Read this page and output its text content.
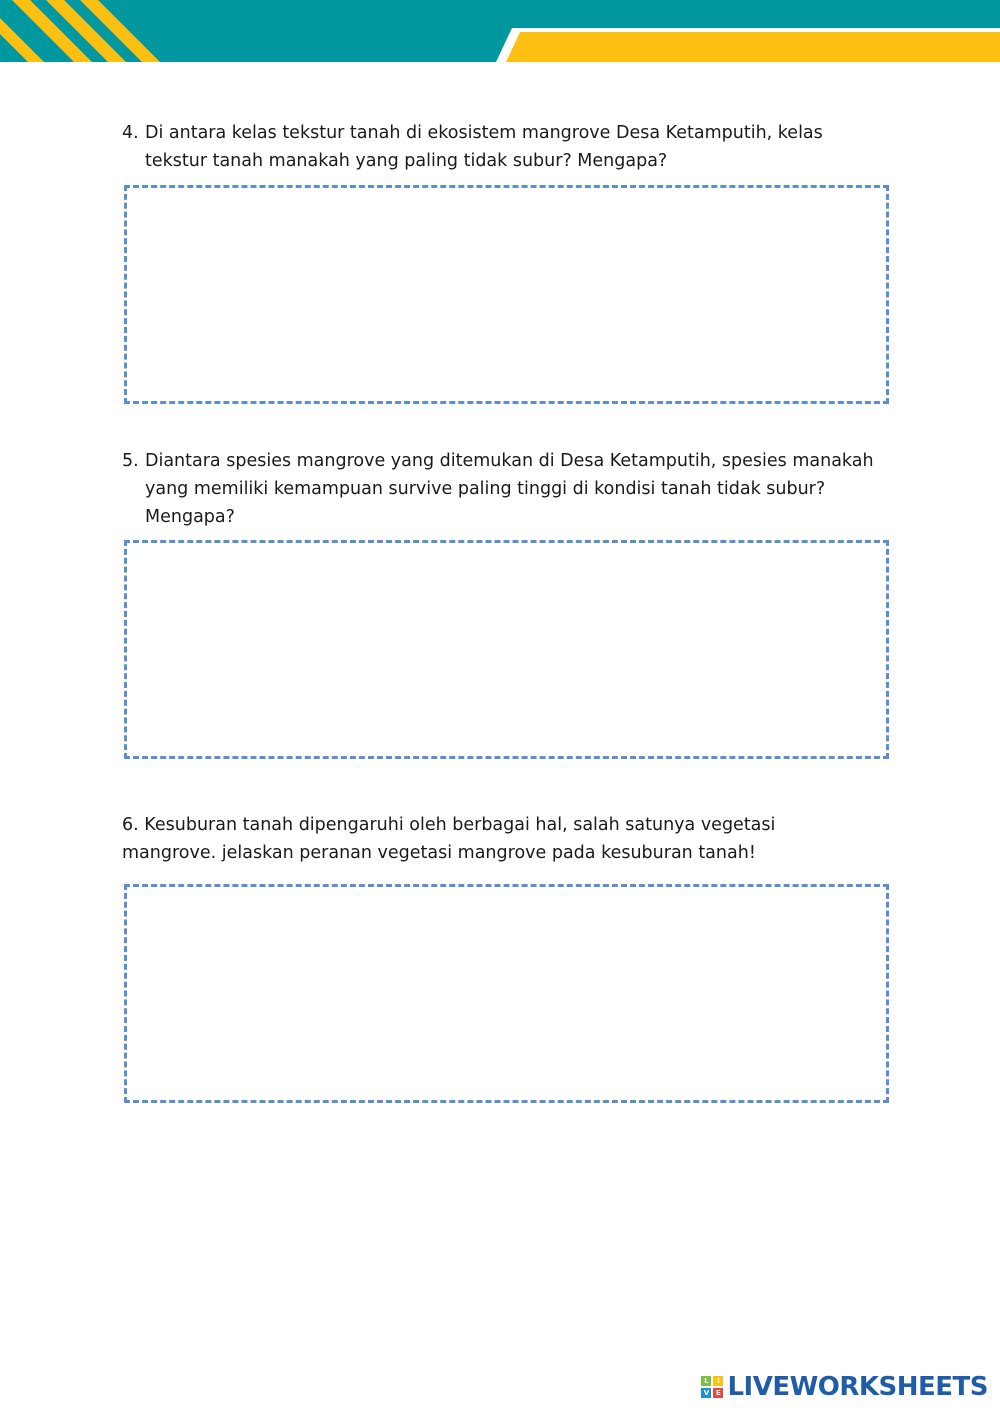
4. Di antara kelas tekstur tanah di ekosistem mangrove Desa Ketamputih, kelas tekstur tanah manakah yang paling tidak subur? Mengapa?

5. Diantara spesies mangrove yang ditemukan di Desa Ketamputih, spesies manakah yang memiliki kemampuan survive paling tinggi di kondisi tanah tidak subur? Mengapa?

6. Kesuburan tanah dipengaruhi oleh berbagai hal, salah satunya vegetasi mangrove. jelaskan peranan vegetasi mangrove pada kesuburan tanah!

L	I
V E LIVEWORKSHEETS
